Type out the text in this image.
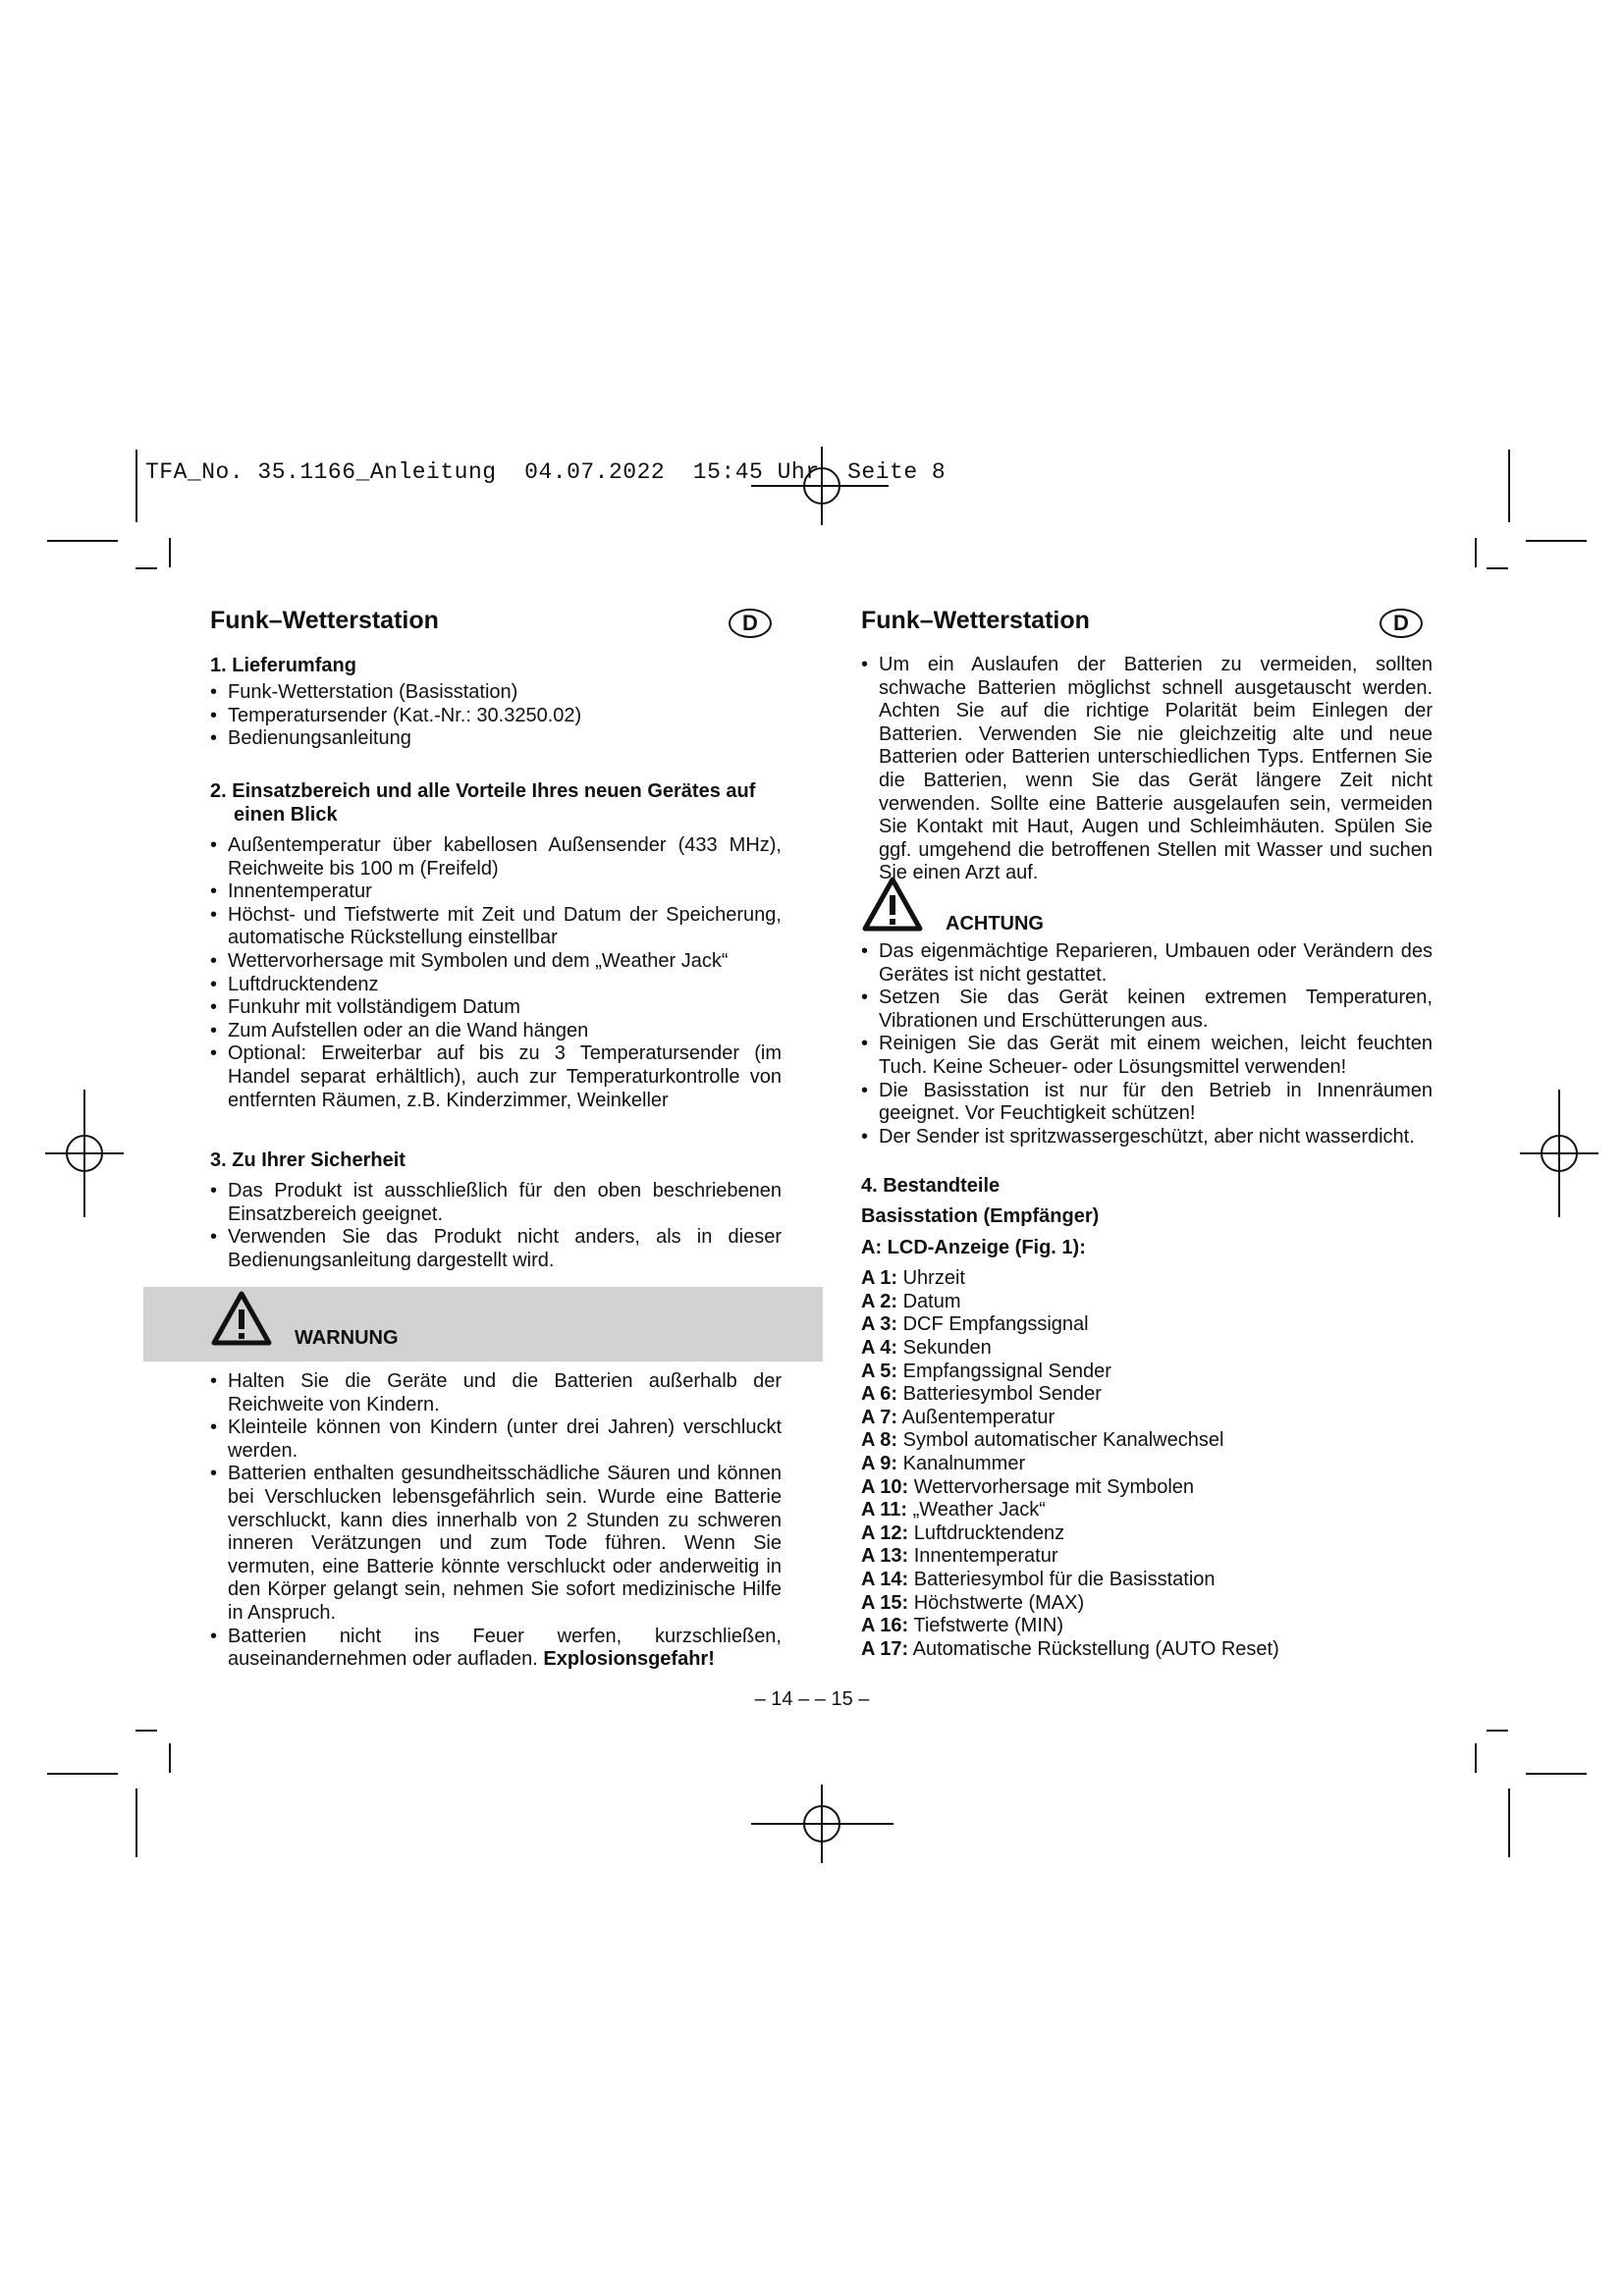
TFA_No. 35.1166_Anleitung  04.07.2022  15:45 Uhr  Seite 8
Funk–Wetterstation	D
1. Lieferumfang
• Funk-Wetterstation (Basisstation)
• Temperatursender (Kat.-Nr.: 30.3250.02)
• Bedienungsanleitung
2. Einsatzbereich und alle Vorteile Ihres neuen Gerätes auf einen Blick
• Außentemperatur über kabellosen Außensender (433 MHz), Reichweite bis 100 m (Freifeld)
• Innentemperatur
• Höchst- und Tiefstwerte mit Zeit und Datum der Speicherung, automatische Rückstellung einstellbar
• Wettervorhersage mit Symbolen und dem „Weather Jack“
• Luftdrucktendenz
• Funkuhr mit vollständigem Datum
• Zum Aufstellen oder an die Wand hängen
• Optional: Erweiterbar auf bis zu 3 Temperatursender (im Handel separat erhältlich), auch zur Temperaturkontrolle von entfernten Räumen, z.B. Kinderzimmer, Weinkeller
3. Zu Ihrer Sicherheit
• Das Produkt ist ausschließlich für den oben beschriebenen Einsatzbereich geeignet.
• Verwenden Sie das Produkt nicht anders, als in dieser Bedienungsanleitung dargestellt wird.
WARNUNG
• Halten Sie die Geräte und die Batterien außerhalb der Reichweite von Kindern.
• Kleinteile können von Kindern (unter drei Jahren) verschluckt werden.
• Batterien enthalten gesundheitsschädliche Säuren und können bei Verschlucken lebensgefährlich sein. Wurde eine Batterie verschluckt, kann dies innerhalb von 2 Stunden zu schweren inneren Verätzungen und zum Tode führen. Wenn Sie vermuten, eine Batterie könnte verschluckt oder anderweitig in den Körper gelangt sein, nehmen Sie sofort medizinische Hilfe in Anspruch.
• Batterien nicht ins Feuer werfen, kurzschließen, auseinandernehmen oder aufladen. Explosionsgefahr!
Funk–Wetterstation	D
• Um ein Auslaufen der Batterien zu vermeiden, sollten schwache Batterien möglichst schnell ausgetauscht werden. Achten Sie auf die richtige Polarität beim Einlegen der Batterien. Verwenden Sie nie gleichzeitig alte und neue Batterien oder Batterien unterschiedlichen Typs. Entfernen Sie die Batterien, wenn Sie das Gerät längere Zeit nicht verwenden. Sollte eine Batterie ausgelaufen sein, vermeiden Sie Kontakt mit Haut, Augen und Schleimhäuten. Spülen Sie ggf. umgehend die betroffenen Stellen mit Wasser und suchen Sie einen Arzt auf.
ACHTUNG
• Das eigenmächtige Reparieren, Umbauen oder Verändern des Gerätes ist nicht gestattet.
• Setzen Sie das Gerät keinen extremen Temperaturen, Vibrationen und Erschütterungen aus.
• Reinigen Sie das Gerät mit einem weichen, leicht feuchten Tuch. Keine Scheuer- oder Lösungsmittel verwenden!
• Die Basisstation ist nur für den Betrieb in Innenräumen geeignet. Vor Feuchtigkeit schützen!
• Der Sender ist spritzwassergeschützt, aber nicht wasserdicht.
4. Bestandteile
Basisstation (Empfänger)
A: LCD-Anzeige (Fig. 1):
A 1: Uhrzeit
A 2: Datum
A 3: DCF Empfangssignal
A 4: Sekunden
A 5: Empfangssignal Sender
A 6: Batteriesymbol Sender
A 7: Außentemperatur
A 8: Symbol automatischer Kanalwechsel
A 9: Kanalnummer
A 10: Wettervorhersage mit Symbolen
A 11: „Weather Jack“
A 12: Luftdrucktendenz
A 13: Innentemperatur
A 14: Batteriesymbol für die Basisstation
A 15: Höchstwerte (MAX)
A 16: Tiefstwerte (MIN)
A 17: Automatische Rückstellung (AUTO Reset)
– 14 – – 15 –
